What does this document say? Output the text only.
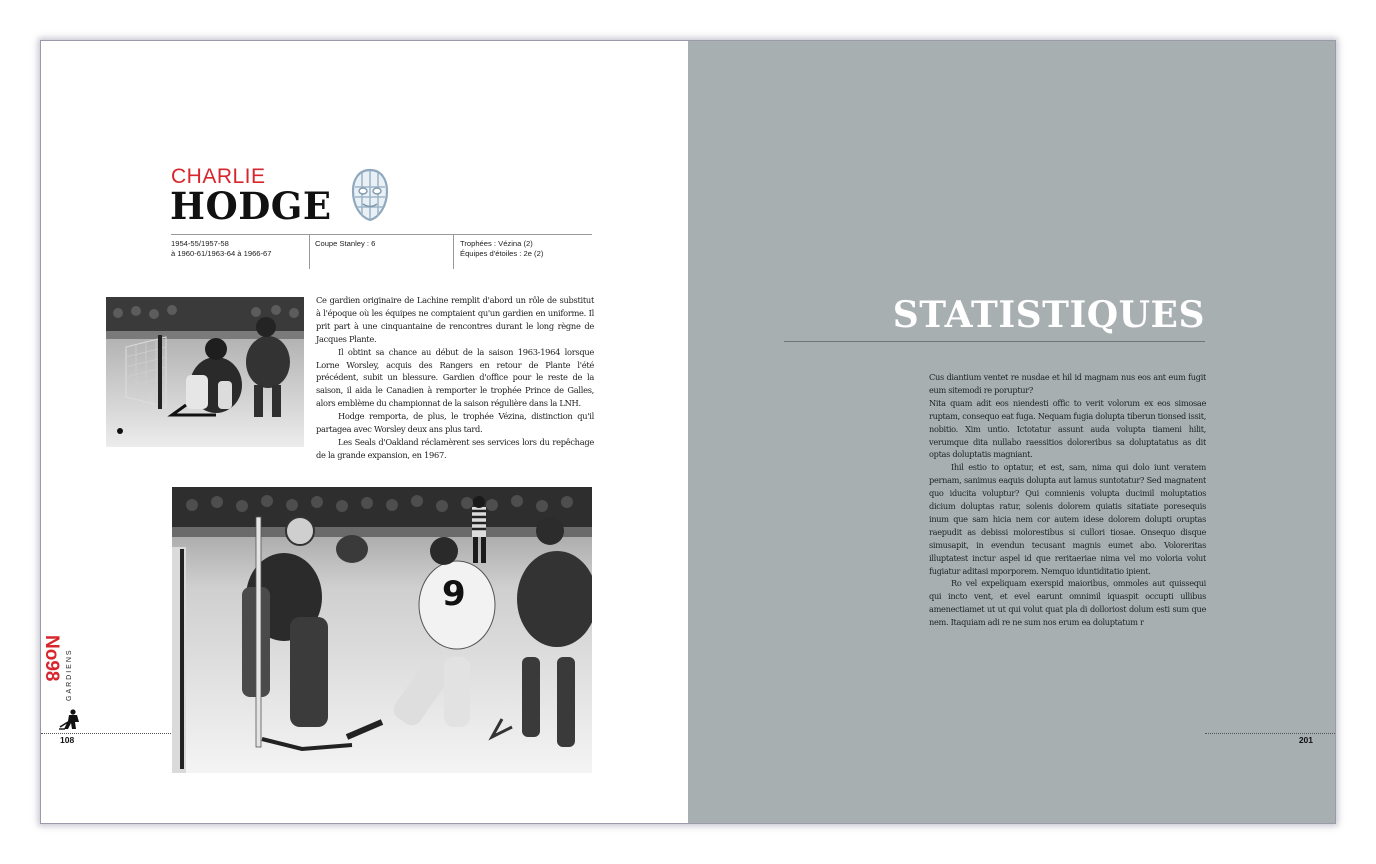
CHARLIE
HODGE
1954-55/1957-58
à 1960-61/1963-64 à 1966-67
Coupe Stanley : 6	Trophées : Vézina (2)
Équipes d'étoiles : 2e (2)

Ce gardien originaire de Lachine remplit d'abord un rôle de substitut à l'époque où les équipes ne comptaient qu'un gardien en uniforme. Il prit part à une cinquantaine de rencontres durant le long règne de Jacques Plante.

Il obtint sa chance au début de la saison 1963-1964 lorsque Lorne Worsley, acquis des Rangers en retour de Plante l'été précédent, subit un blessure. Gardien d'office pour le reste de la saison, il aida le Canadien à remporter le trophée Prince de Galles, alors emblème du championnat de la saison régulière dans la LNH.

Hodge remporta, de plus, le trophée Vézina, distinction qu'il partagea avec Worsley deux ans plus tard.

Les Seals d'Oakland réclamèrent ses services lors du repêchage de la grande expansion, en 1967.

9
No98 GARDIENS
108
STATISTIQUES

Cus diantium ventet re nusdae et hil id magnam nus eos ant eum fugit eum sitemodi re poruptur?

Nita quam adit eos niendesti offic to verit volorum ex eos simosae ruptam, consequo eat fuga. Nequam fugia dolupta tiberun tionsed issit, nobitio. Xim untio. Ictotatur assunt auda volupta tiameni hilit, verumque dita nullabo raessitios doloreribus sa doluptatatus as dit optas doluptatis magniant.

Ihil estio to optatur, et est, sam, nima qui dolo iunt veratem pernam, sanimus eaquis dolupta aut lamus suntotatur? Sed magnatent quo iducita voluptur? Qui comnienis volupta ducimil moluptatios dicium doluptas ratur, solenis dolorem quiatis sitatiate poresequis inum que sam hicia nem cor autem idese dolorem dolupti oruptas raepudit as debissi molorestibus si cullori tiosae. Onsequo disque simusapit, in evendun tecusant magnis eumet abo. Voloreritas illuptatest inctur aspel id que reritaeriae nima vel mo voloria volut fugiatur aditasi mporporem. Nemquo iduntiditatio ipient.

Ro vel expeliquam exerspid maioribus, ommoles aut quissequi qui incto vent, et evel earunt omnimil iquaspit occupti ullibus amenectiamet ut ut qui volut quat pla di dolloriost dolum esti sum que nem. Itaquiam adi re ne sum nos erum ea doluptatum r

201
